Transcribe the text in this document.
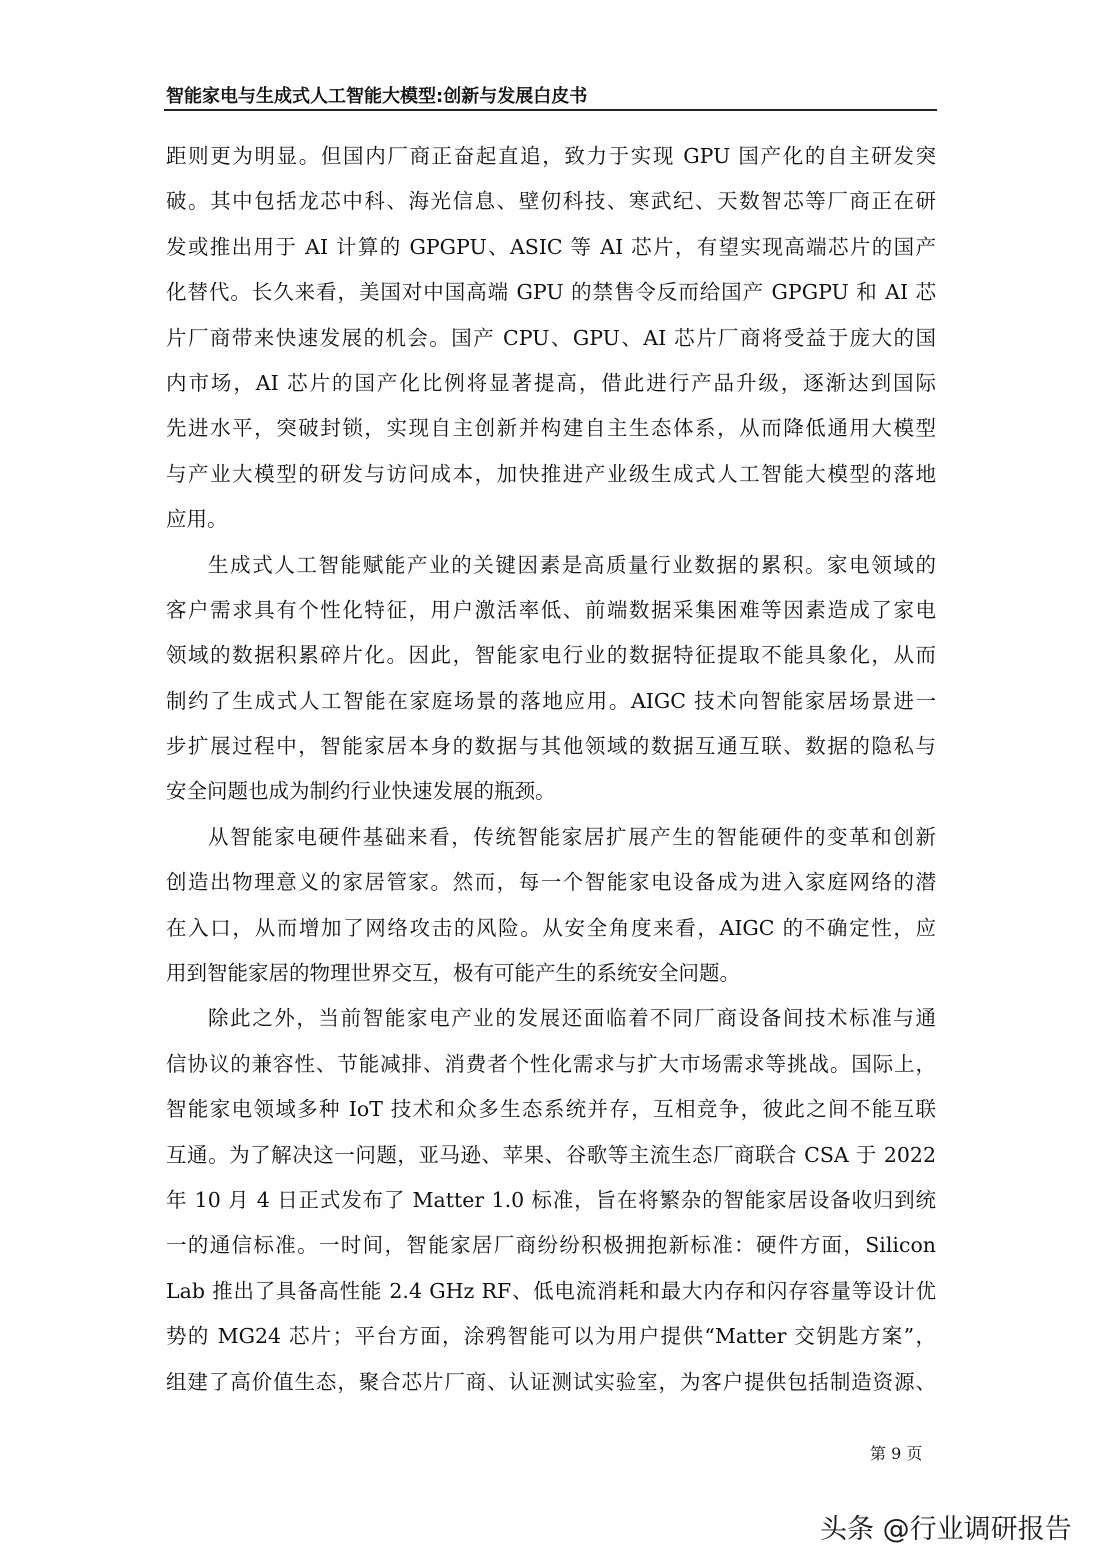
智能家电与生成式人工智能大模型:创新与发展白皮书
距则更为明显。但国内厂商正奋起直追，致力于实现 GPU 国产化的自主研发突
破。其中包括龙芯中科、海光信息、壁仞科技、寒武纪、天数智芯等厂商正在研
发或推出用于 AI 计算的 GPGPU、ASIC 等 AI 芯片，有望实现高端芯片的国产
化替代。长久来看，美国对中国高端 GPU 的禁售令反而给国产 GPGPU 和 AI 芯
片厂商带来快速发展的机会。国产 CPU、GPU、AI 芯片厂商将受益于庞大的国
内市场，AI 芯片的国产化比例将显著提高，借此进行产品升级，逐渐达到国际
先进水平，突破封锁，实现自主创新并构建自主生态体系，从而降低通用大模型
与产业大模型的研发与访问成本，加快推进产业级生成式人工智能大模型的落地
应用。
生成式人工智能赋能产业的关键因素是高质量行业数据的累积。家电领域的
客户需求具有个性化特征，用户激活率低、前端数据采集困难等因素造成了家电
领域的数据积累碎片化。因此，智能家电行业的数据特征提取不能具象化，从而
制约了生成式人工智能在家庭场景的落地应用。AIGC 技术向智能家居场景进一
步扩展过程中，智能家居本身的数据与其他领域的数据互通互联、数据的隐私与
安全问题也成为制约行业快速发展的瓶颈。
从智能家电硬件基础来看，传统智能家居扩展产生的智能硬件的变革和创新
创造出物理意义的家居管家。然而，每一个智能家电设备成为进入家庭网络的潜
在入口，从而增加了网络攻击的风险。从安全角度来看，AIGC 的不确定性，应
用到智能家居的物理世界交互，极有可能产生的系统安全问题。
除此之外，当前智能家电产业的发展还面临着不同厂商设备间技术标准与通
信协议的兼容性、节能减排、消费者个性化需求与扩大市场需求等挑战。国际上，
智能家电领域多种 IoT 技术和众多生态系统并存，互相竞争，彼此之间不能互联
互通。为了解决这一问题，亚马逊、苹果、谷歌等主流生态厂商联合 CSA 于 2022
年 10 月 4 日正式发布了 Matter 1.0 标准，旨在将繁杂的智能家居设备收归到统
一的通信标准。一时间，智能家居厂商纷纷积极拥抱新标准：硬件方面，Silicon
Lab 推出了具备高性能 2.4 GHz RF、低电流消耗和最大内存和闪存容量等设计优
势的 MG24 芯片；平台方面，涂鸦智能可以为用户提供“Matter 交钥匙方案”，
组建了高价值生态，聚合芯片厂商、认证测试实验室，为客户提供包括制造资源、
第 9 页
头条 @行业调研报告
